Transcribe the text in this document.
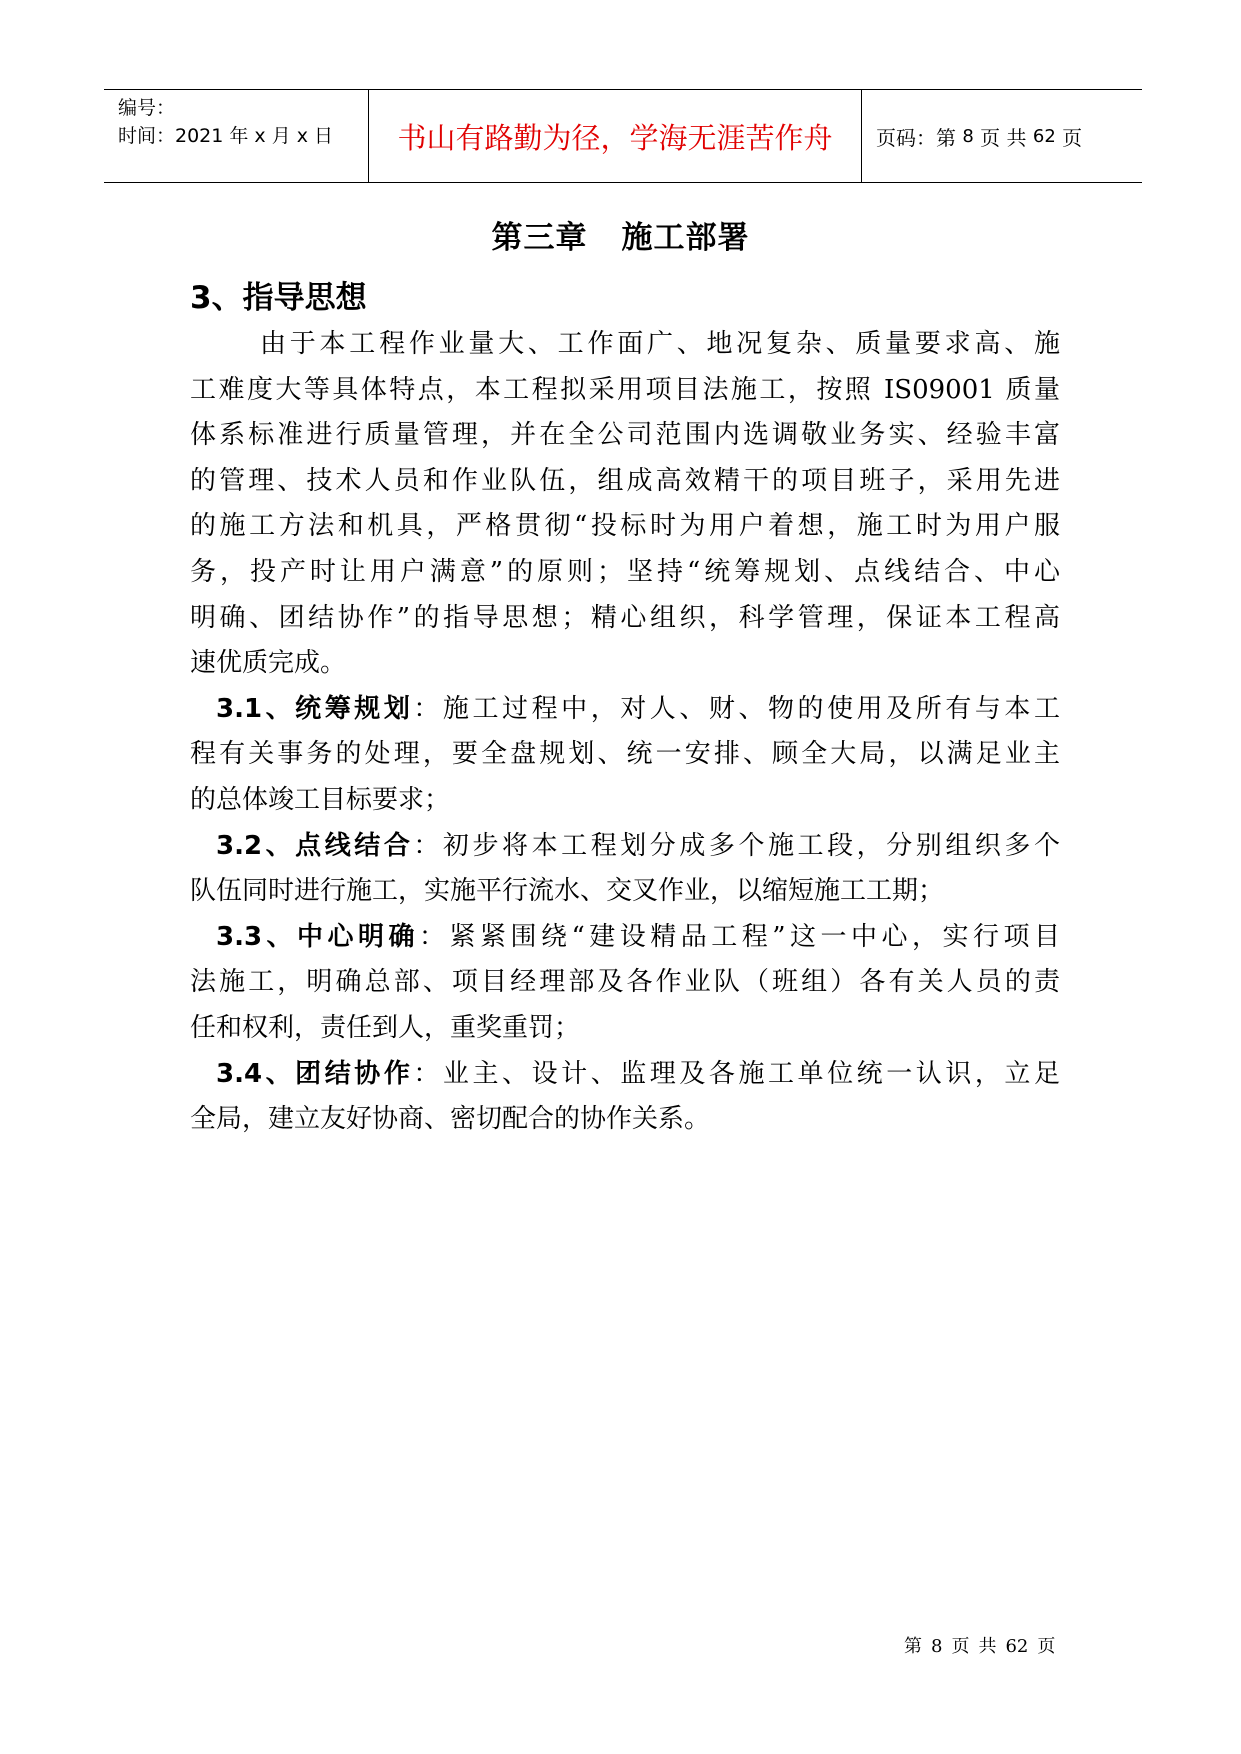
编号：
时间：2021 年 x 月 x 日	书山有路勤为径，学海无涯苦作舟	页码：第
8
页 共
62
页
第三章 施工部署
3、指导思想
由于本工程作业量大、工作面广、地况复杂、质量要求高、施
工难度大等具体特点，本工程拟采用项目法施工，按照 IS09001 质量
体系标准进行质量管理，并在全公司范围内选调敬业务实、经验丰富
的管理、技术人员和作业队伍，组成高效精干的项目班子，采用先进
的施工方法和机具，严格贯彻“投标时为用户着想，施工时为用户服
务，投产时让用户满意”的原则；坚持“统筹规划、点线结合、中心
明确、团结协作”的指导思想；精心组织，科学管理，保证本工程高
速优质完成。
3.1、统筹规划：施工过程中，对人、财、物的使用及所有与本工
程有关事务的处理，要全盘规划、统一安排、顾全大局，以满足业主
的总体竣工目标要求；
3.2、点线结合：初步将本工程划分成多个施工段，分别组织多个
队伍同时进行施工，实施平行流水、交叉作业，以缩短施工工期；
3.3、中心明确：紧紧围绕“建设精品工程”这一中心，实行项目
法施工，明确总部、项目经理部及各作业队（班组）各有关人员的责
任和权利，责任到人，重奖重罚；
3.4、团结协作：业主、设计、监理及各施工单位统一认识，立足
全局，建立友好协商、密切配合的协作关系。
第 8 页 共 62 页
